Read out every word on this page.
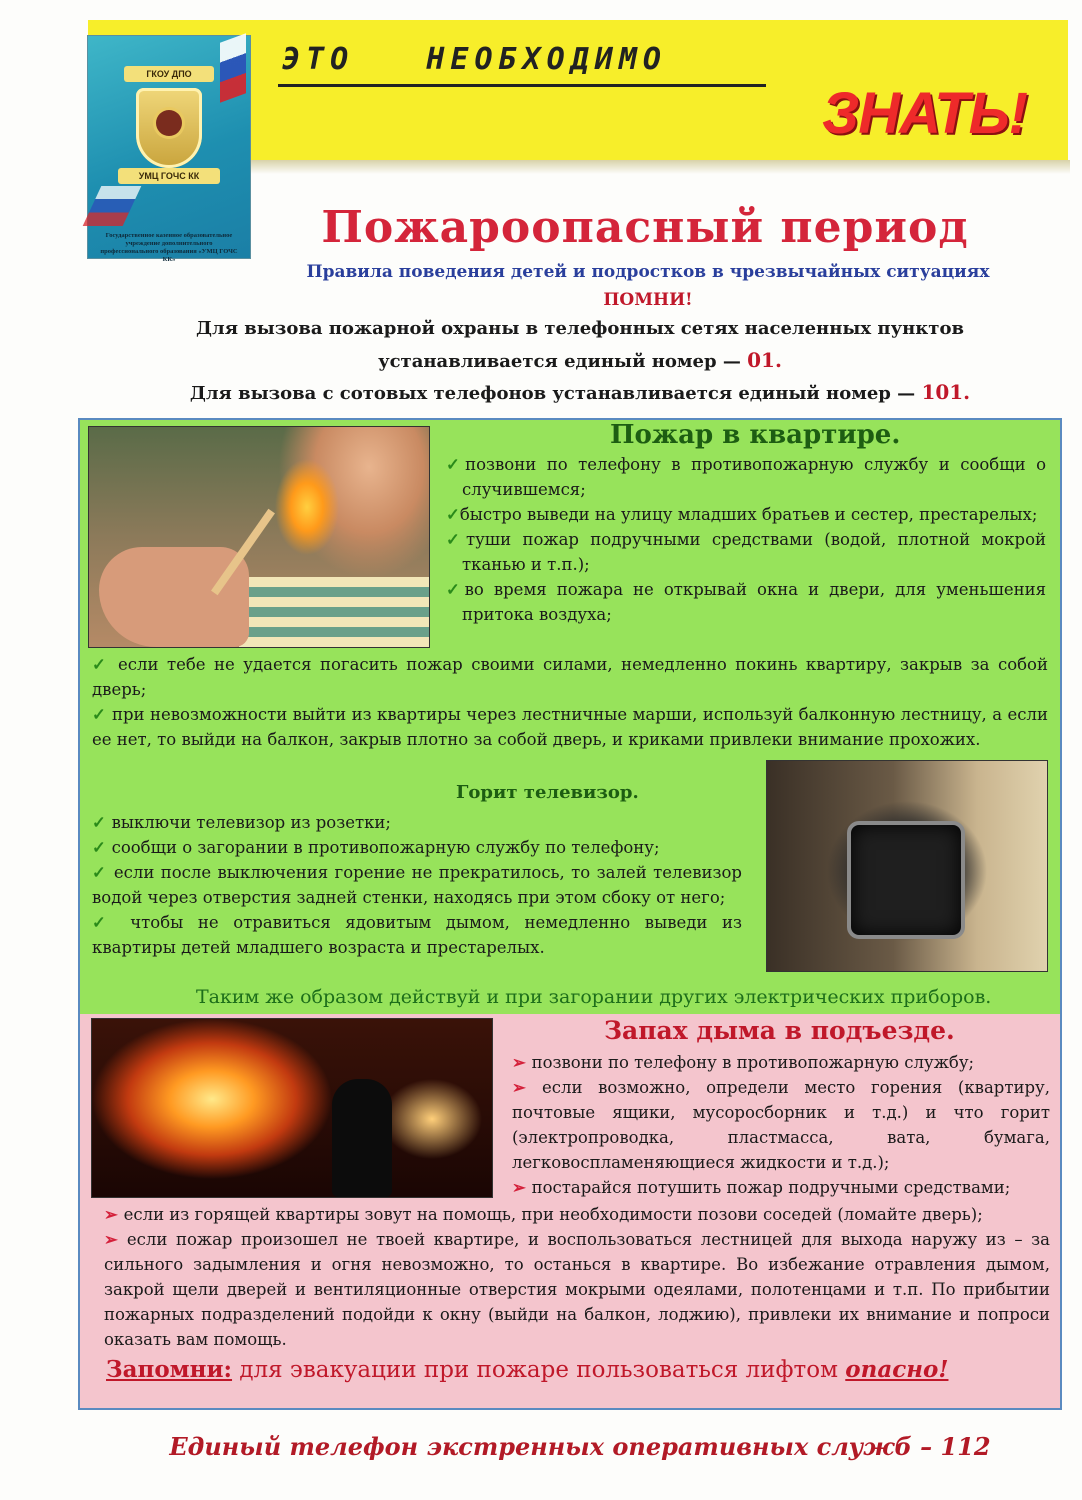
ГКОУ ДПО
УМЦ ГОЧС КК
Государственное казенное образовательное учреждение дополнительного профессионального образования «УМЦ ГОЧС КК»
ЭТО   НЕОБХОДИМО
ЗНАТЬ!
Пожароопасный период
Правила поведения детей и подростков в чрезвычайных ситуациях
ПОМНИ!
Для вызова пожарной охраны в телефонных сетях населенных пунктов
устанавливается единый номер — 01.
Для вызова с сотовых телефонов устанавливается единый номер — 101.
Пожар в квартире.

✓позвони по телефону в противопожарную службу и сообщи о случившемся;

✓быстро выведи на улицу младших братьев и сестер, престарелых;

✓туши пожар подручными средствами (водой, плотной мокрой тканью и т.п.);

✓во время пожара не открывай окна и двери, для уменьшения притока воздуха;

✓ если тебе не удается погасить пожар своими силами, немедленно покинь квартиру, закрыв за собой дверь;

✓ при невозможности выйти из квартиры через лестничные марши, используй балконную лестницу, а если ее нет, то выйди на балкон, закрыв плотно за собой дверь, и криками привлеки внимание прохожих.

Горит телевизор.

✓ выключи телевизор из розетки;

✓ сообщи о загорании в противопожарную службу по телефону;

✓ если после выключения горение не прекратилось, то залей телевизор водой через отверстия задней стенки, находясь при этом сбоку от него;

✓ чтобы не отравиться ядовитым дымом, немедленно выведи из квартиры детей младшего возраста и престарелых.

Таким же образом действуй и при загорании других электрических приборов.
Запах дыма в подъезде.

➢ позвони по телефону в противопожарную службу;

➢ если возможно, определи место горения (квартиру, почтовые ящики, мусоросборник и т.д.) и что горит (электропроводка, пластмасса, вата, бумага, легковоспламеняющиеся жидкости и т.д.);

➢ постарайся потушить пожар подручными средствами;

➢ если из горящей квартиры зовут на помощь, при необходимости позови соседей (ломайте дверь);

➢ если пожар произошел не твоей квартире, и воспользоваться лестницей для выхода наружу из – за сильного задымления и огня невозможно, то останься в квартире. Во избежание отравления дымом, закрой щели дверей и вентиляционные отверстия мокрыми одеялами, полотенцами и т.п. По прибытии пожарных подразделений подойди к окну (выйди на балкон, лоджию), привлеки их внимание и попроси оказать вам помощь.

Запомни: для эвакуации при пожаре пользоваться лифтом опасно!
Единый телефон экстренных оперативных служб – 112
